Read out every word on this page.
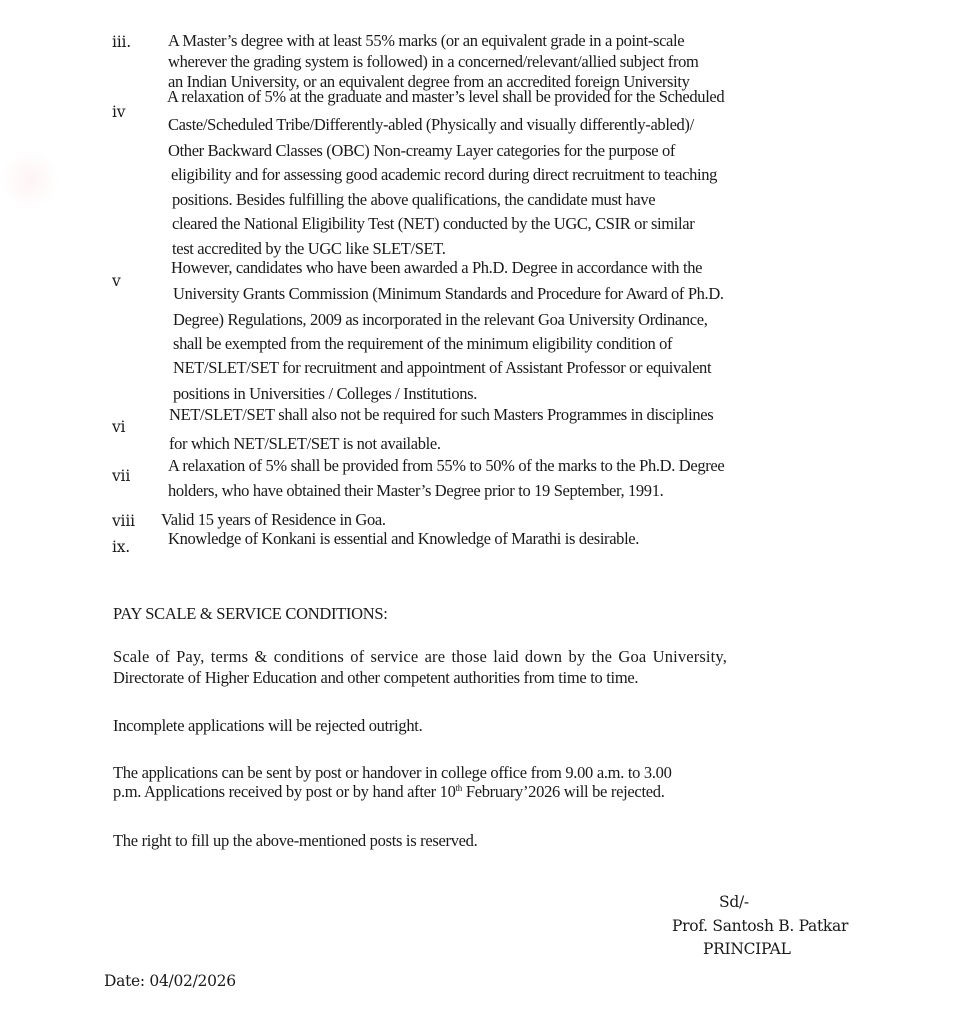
iii. A Master’s degree with at least 55% marks (or an equivalent grade in a point-scale
wherever the grading system is followed) in a concerned/relevant/allied subject from
an Indian University, or an equivalent degree from an accredited foreign University
iv
A relaxation of 5% at the graduate and master’s level shall be provided for the Scheduled
Caste/Scheduled Tribe/Differently-abled (Physically and visually differently-abled)/
Other Backward Classes (OBC) Non-creamy Layer categories for the purpose of
eligibility and for assessing good academic record during direct recruitment to teaching
positions. Besides fulfilling the above qualifications, the candidate must have
cleared the National Eligibility Test (NET) conducted by the UGC, CSIR or similar
test accredited by the UGC like SLET/SET.
v
However, candidates who have been awarded a Ph.D. Degree in accordance with the
University Grants Commission (Minimum Standards and Procedure for Award of Ph.D.
Degree) Regulations, 2009 as incorporated in the relevant Goa University Ordinance,
shall be exempted from the requirement of the minimum eligibility condition of
NET/SLET/SET for recruitment and appointment of Assistant Professor or equivalent
positions in Universities / Colleges / Institutions.
vi
NET/SLET/SET shall also not be required for such Masters Programmes in disciplines
for which NET/SLET/SET is not available.
vii
A relaxation of 5% shall be provided from 55% to 50% of the marks to the Ph.D. Degree
holders, who have obtained their Master’s Degree prior to 19 September, 1991.
viii Valid 15 years of Residence in Goa.
ix. Knowledge of Konkani is essential and Knowledge of Marathi is desirable.
PAY SCALE & SERVICE CONDITIONS:
Scale of Pay, terms & conditions of service are those laid down by the Goa University,
Directorate of Higher Education and other competent authorities from time to time.
Incomplete applications will be rejected outright.
The applications can be sent by post or handover in college office from 9.00 a.m. to 3.00
p.m. Applications received by post or by hand after 10th February’2026 will be rejected.
The right to fill up the above-mentioned posts is reserved.
Sd/-
Prof. Santosh B. Patkar
PRINCIPAL
Date: 04/02/2026
